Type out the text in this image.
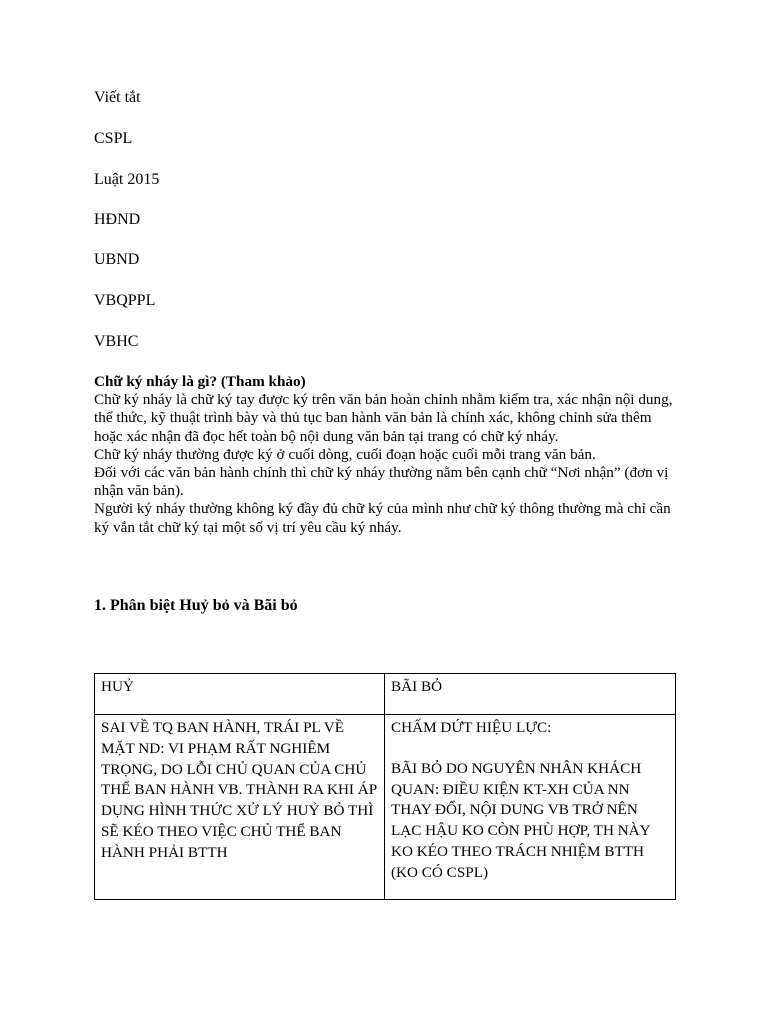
Viết tắt
CSPL
Luật 2015
HĐND
UBND
VBQPPL
VBHC

Chữ ký nháy là gì? (Tham khảo)

Chữ ký nháy là chữ ký tay được ký trên văn bản hoàn chỉnh nhằm kiểm tra, xác nhận nội dung, thể thức, kỹ thuật trình bày và thủ tục ban hành văn bản là chính xác, không chỉnh sửa thêm hoặc xác nhận đã đọc hết toàn bộ nội dung văn bản tại trang có chữ ký nháy.

Chữ ký nháy thường được ký ở cuối dòng, cuối đoạn hoặc cuối mỗi trang văn bản.

Đối với các văn bản hành chính thì chữ ký nháy thường nằm bên cạnh chữ “Nơi nhận” (đơn vị nhận văn bản).

Người ký nháy thường không ký đầy đủ chữ ký của mình như chữ ký thông thường mà chỉ cần ký vắn tắt chữ ký tại một số vị trí yêu cầu ký nháy.

1. Phân biệt Huỷ bỏ và Bãi bỏ
HUỶ	BÃI BỎ
SAI VỀ TQ BAN HÀNH, TRÁI PL VỀ MẶT ND: VI PHẠM RẤT NGHIÊM TRỌNG, DO LỖI CHỦ QUAN CỦA CHỦ THỂ BAN HÀNH VB. THÀNH RA KHI ÁP DỤNG HÌNH THỨC XỬ LÝ HUỶ BỎ THÌ SẼ KÉO THEO VIỆC CHỦ THỂ BAN HÀNH PHẢI BTTH	CHẤM DỨT HIỆU LỰC:
BÃI BỎ DO NGUYÊN NHÂN KHÁCH QUAN: ĐIỀU KIỆN KT-XH CỦA NN THAY ĐỔI, NỘI DUNG VB TRỞ NÊN LẠC HẬU KO CÒN PHÙ HỢP, TH NÀY KO KÉO THEO TRÁCH NHIỆM BTTH (KO CÓ CSPL)
